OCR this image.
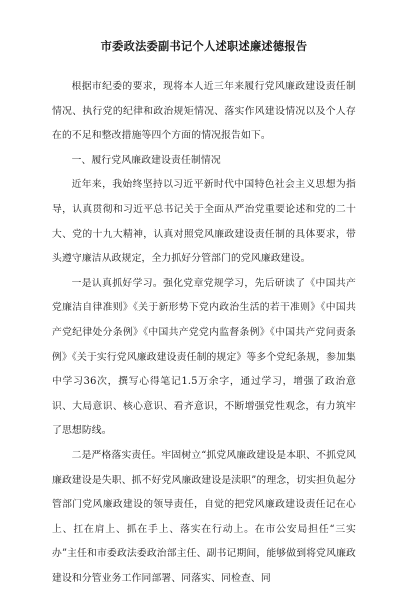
市委政法委副书记个人述职述廉述德报告

根据市纪委的要求，现将本人近三年来履行党风廉政建设责任制情况、执行党的纪律和政治规矩情况、落实作风建设情况以及个人存在的不足和整改措施等四个方面的情况报告如下。

一、履行党风廉政建设责任制情况

近年来，我始终坚持以习近平新时代中国特色社会主义思想为指导，认真贯彻和习近平总书记关于全面从严治党重要论述和党的二十大、党的十九大精神，认真对照党风廉政建设责任制的具体要求，带头遵守廉洁从政规定，全力抓好分管部门的党风廉政建设。

一是认真抓好学习。强化党章党规学习，先后研读了《中国共产党廉洁自律准则》《关于新形势下党内政治生活的若干准则》《中国共产党纪律处分条例》《中国共产党党内监督条例》《中国共产党问责条例》《关于实行党风廉政建设责任制的规定》等多个党纪条规，参加集中学习36次，撰写心得笔记1.5万余字，通过学习，增强了政治意识、大局意识、核心意识、看齐意识，不断增强党性观念，有力筑牢了思想防线。

二是严格落实责任。牢固树立“抓党风廉政建设是本职、不抓党风廉政建设是失职、抓不好党风廉政建设是渎职”的理念，切实担负起分管部门党风廉政建设的领导责任，自觉的把党风廉政建设责任记在心上、扛在肩上、抓在手上、落实在行动上。在市公安局担任“三实办”主任和市委政法委政治部主任、副书记期间，能够做到将党风廉政建设和分管业务工作同部署、同落实、同检查、同
